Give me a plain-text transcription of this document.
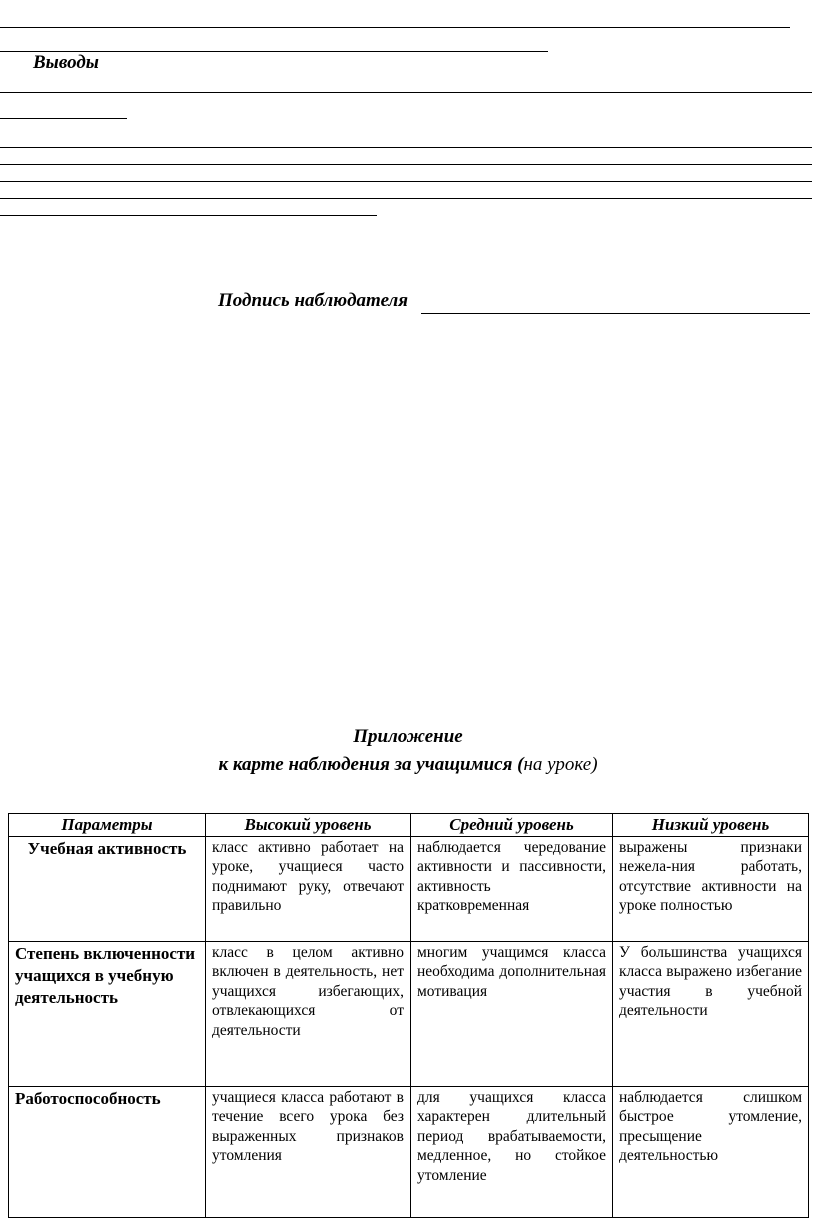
Выводы
Подпись наблюдателя
Приложение
к карте наблюдения за учащимися (на уроке)
Параметры	Высокий уровень	Средний уровень	Низкий уровень
Учебная активность	класс активно работает на уроке, учащиеся часто поднимают руку, отвечают правильно	наблюдается чередование активности и пассивности, активность кратковременная	выражены признаки нежела-ния работать, отсутствие активности на уроке полностью
Степень включенности учащихся в учебную деятельность	класс в целом активно включен в деятельность, нет учащихся избегающих, отвлекающихся от деятельности	многим учащимся класса необходима дополнительная мотивация	У большинства учащихся класса выражено избегание участия в учебной деятельности
Работоспособность	учащиеся класса работают в течение всего урока без выраженных признаков утомления	для учащихся класса характерен длительный период врабатываемости, медленное, но стойкое утомление	наблюдается слишком быстрое утомление, пресыщение деятельностью
